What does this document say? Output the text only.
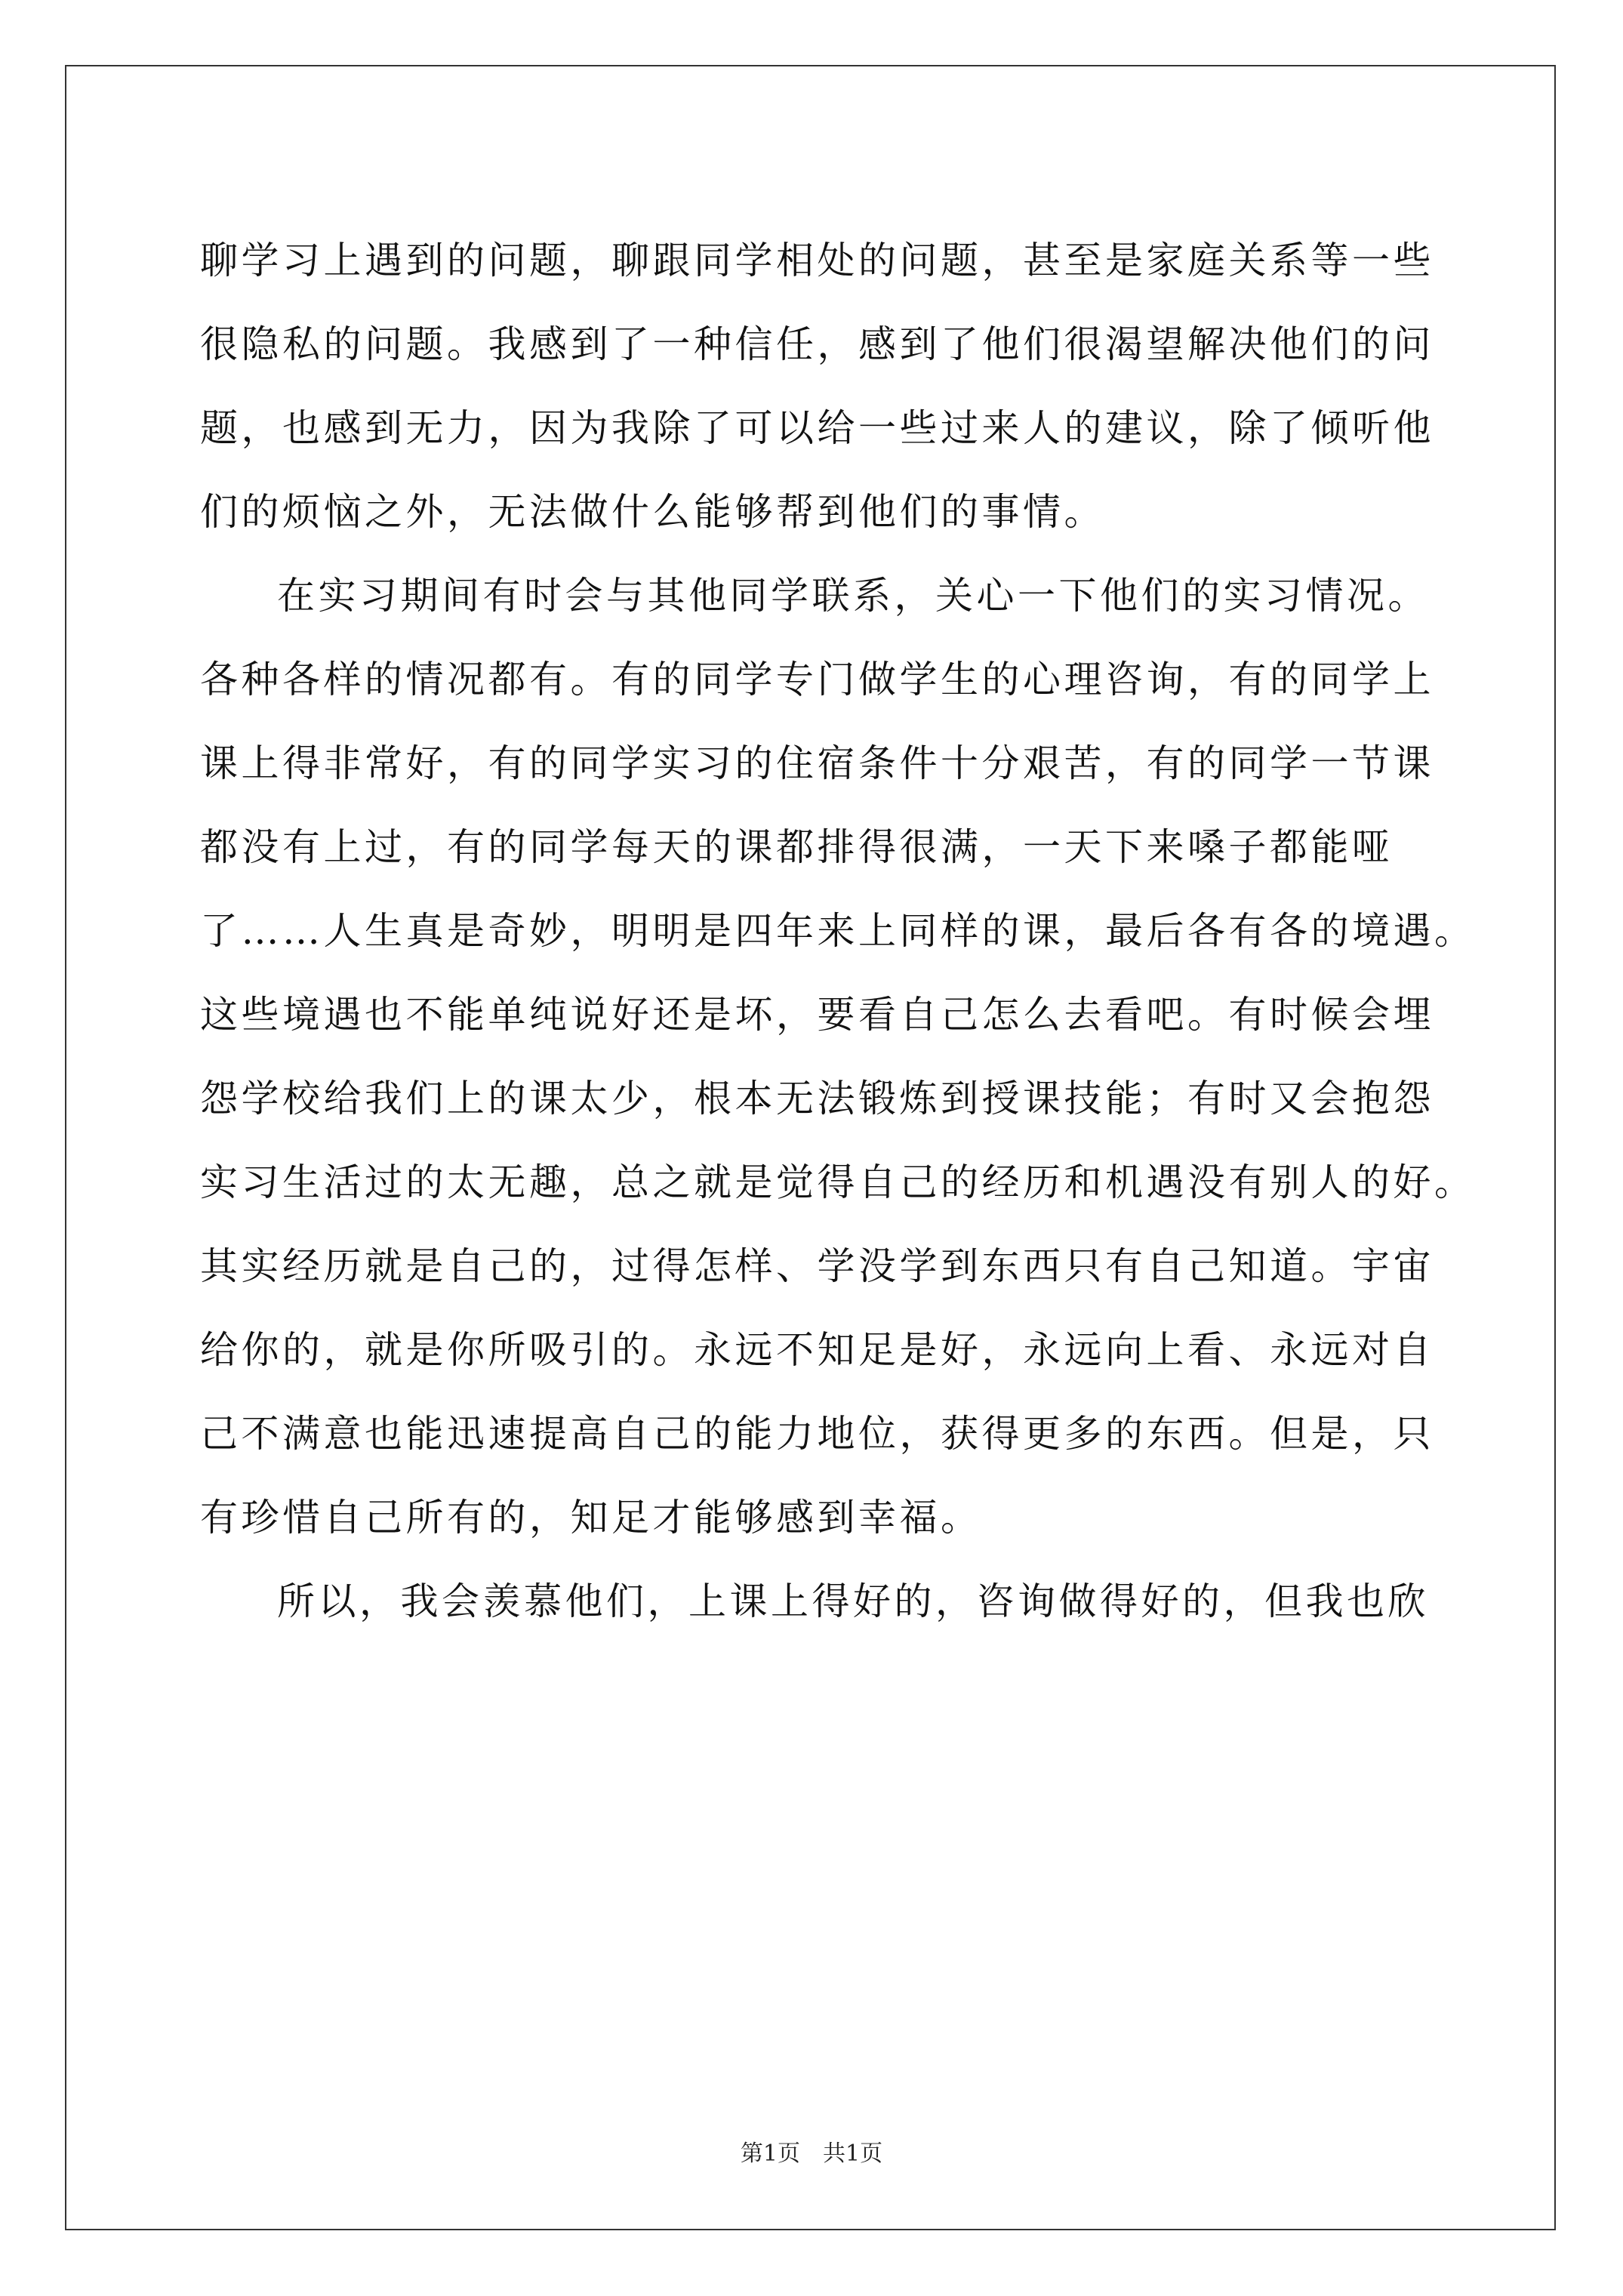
聊学习上遇到的问题，聊跟同学相处的问题，甚至是家庭关系等一些
很隐私的问题。我感到了一种信任，感到了他们很渴望解决他们的问
题，也感到无力，因为我除了可以给一些过来人的建议，除了倾听他
们的烦恼之外，无法做什么能够帮到他们的事情。
在实习期间有时会与其他同学联系，关心一下他们的实习情况。
各种各样的情况都有。有的同学专门做学生的心理咨询，有的同学上
课上得非常好，有的同学实习的住宿条件十分艰苦，有的同学一节课
都没有上过，有的同学每天的课都排得很满，一天下来嗓子都能哑
了……人生真是奇妙，明明是四年来上同样的课，最后各有各的境遇。
这些境遇也不能单纯说好还是坏，要看自己怎么去看吧。有时候会埋
怨学校给我们上的课太少，根本无法锻炼到授课技能；有时又会抱怨
实习生活过的太无趣，总之就是觉得自己的经历和机遇没有别人的好。
其实经历就是自己的，过得怎样、学没学到东西只有自己知道。宇宙
给你的，就是你所吸引的。永远不知足是好，永远向上看、永远对自
己不满意也能迅速提高自己的能力地位，获得更多的东西。但是，只
有珍惜自己所有的，知足才能够感到幸福。
所以，我会羡慕他们，上课上得好的，咨询做得好的，但我也欣
第1页　共1页
